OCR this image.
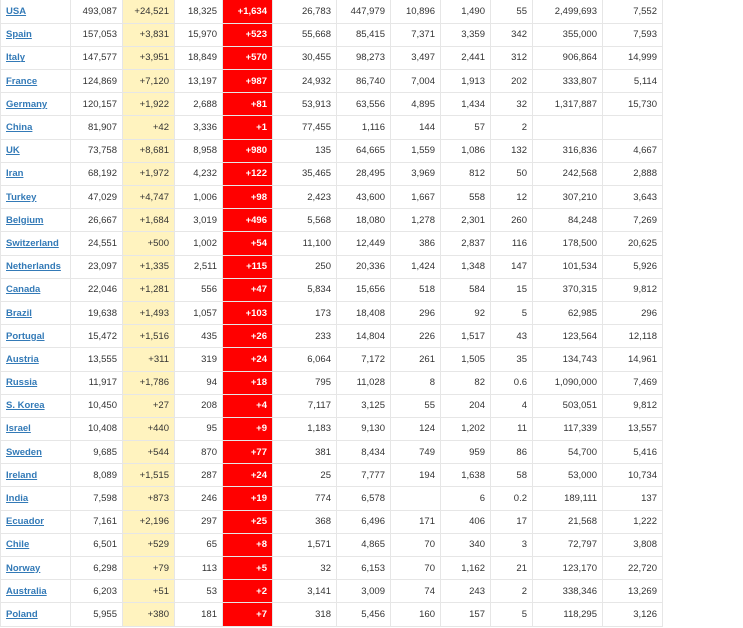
USA	493,087	+24,521	18,325	+1,634	26,783	447,979	10,896	1,490	55	2,499,693	7,552
Spain	157,053	+3,831	15,970	+523	55,668	85,415	7,371	3,359	342	355,000	7,593
Italy	147,577	+3,951	18,849	+570	30,455	98,273	3,497	2,441	312	906,864	14,999
France	124,869	+7,120	13,197	+987	24,932	86,740	7,004	1,913	202	333,807	5,114
Germany	120,157	+1,922	2,688	+81	53,913	63,556	4,895	1,434	32	1,317,887	15,730
China	81,907	+42	3,336	+1	77,455	1,116	144	57	2		
UK	73,758	+8,681	8,958	+980	135	64,665	1,559	1,086	132	316,836	4,667
Iran	68,192	+1,972	4,232	+122	35,465	28,495	3,969	812	50	242,568	2,888
Turkey	47,029	+4,747	1,006	+98	2,423	43,600	1,667	558	12	307,210	3,643
Belgium	26,667	+1,684	3,019	+496	5,568	18,080	1,278	2,301	260	84,248	7,269
Switzerland	24,551	+500	1,002	+54	11,100	12,449	386	2,837	116	178,500	20,625
Netherlands	23,097	+1,335	2,511	+115	250	20,336	1,424	1,348	147	101,534	5,926
Canada	22,046	+1,281	556	+47	5,834	15,656	518	584	15	370,315	9,812
Brazil	19,638	+1,493	1,057	+103	173	18,408	296	92	5	62,985	296
Portugal	15,472	+1,516	435	+26	233	14,804	226	1,517	43	123,564	12,118
Austria	13,555	+311	319	+24	6,064	7,172	261	1,505	35	134,743	14,961
Russia	11,917	+1,786	94	+18	795	11,028	8	82	0.6	1,090,000	7,469
S. Korea	10,450	+27	208	+4	7,117	3,125	55	204	4	503,051	9,812
Israel	10,408	+440	95	+9	1,183	9,130	124	1,202	11	117,339	13,557
Sweden	9,685	+544	870	+77	381	8,434	749	959	86	54,700	5,416
Ireland	8,089	+1,515	287	+24	25	7,777	194	1,638	58	53,000	10,734
India	7,598	+873	246	+19	774	6,578		6	0.2	189,111	137
Ecuador	7,161	+2,196	297	+25	368	6,496	171	406	17	21,568	1,222
Chile	6,501	+529	65	+8	1,571	4,865	70	340	3	72,797	3,808
Norway	6,298	+79	113	+5	32	6,153	70	1,162	21	123,170	22,720
Australia	6,203	+51	53	+2	3,141	3,009	74	243	2	338,346	13,269
Poland	5,955	+380	181	+7	318	5,456	160	157	5	118,295	3,126
